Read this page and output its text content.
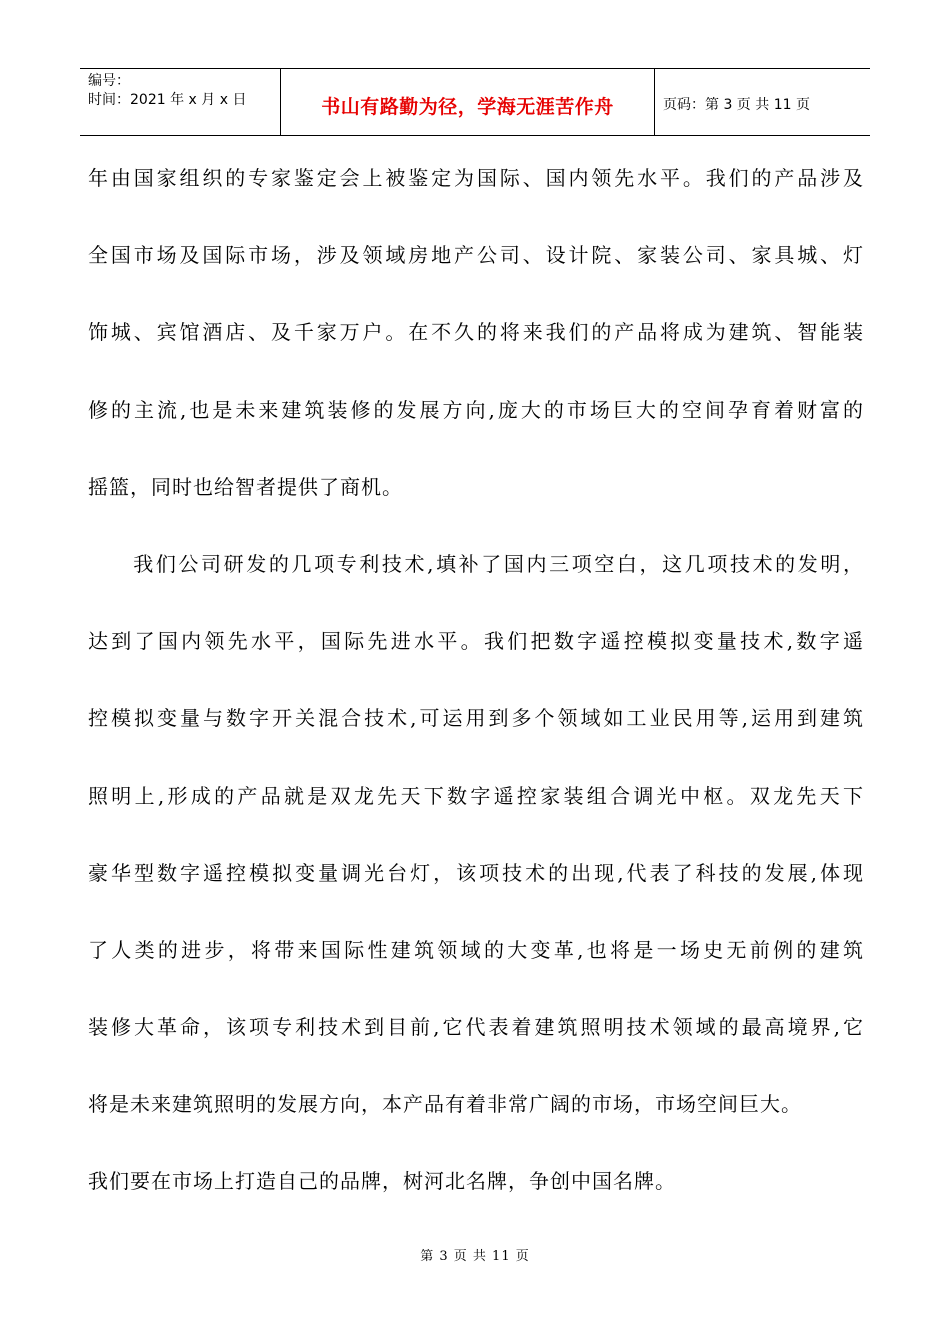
编号：
时间：2021 年 x 月 x 日	书山有路勤为径，学海无涯苦作舟	页码：第 3 页 共 11 页
年由国家组织的专家鉴定会上被鉴定为国际、国内领先水平。我们的产品涉及
全国市场及国际市场，涉及领域房地产公司、设计院、家装公司、家具城、灯
饰城、宾馆酒店、及千家万户。在不久的将来我们的产品将成为建筑、智能装
修的主流,也是未来建筑装修的发展方向,庞大的市场巨大的空间孕育着财富的
摇篮，同时也给智者提供了商机。
　　我们公司研发的几项专利技术,填补了国内三项空白，这几项技术的发明，
达到了国内领先水平，国际先进水平。我们把数字遥控模拟变量技术,数字遥
控模拟变量与数字开关混合技术,可运用到多个领域如工业民用等,运用到建筑
照明上,形成的产品就是双龙先天下数字遥控家装组合调光中枢。双龙先天下
豪华型数字遥控模拟变量调光台灯，该项技术的出现,代表了科技的发展,体现
了人类的进步，将带来国际性建筑领域的大变革,也将是一场史无前例的建筑
装修大革命，该项专利技术到目前,它代表着建筑照明技术领域的最高境界,它
将是未来建筑照明的发展方向，本产品有着非常广阔的市场，市场空间巨大。
我们要在市场上打造自己的品牌，树河北名牌，争创中国名牌。
第 3 页 共 11 页
